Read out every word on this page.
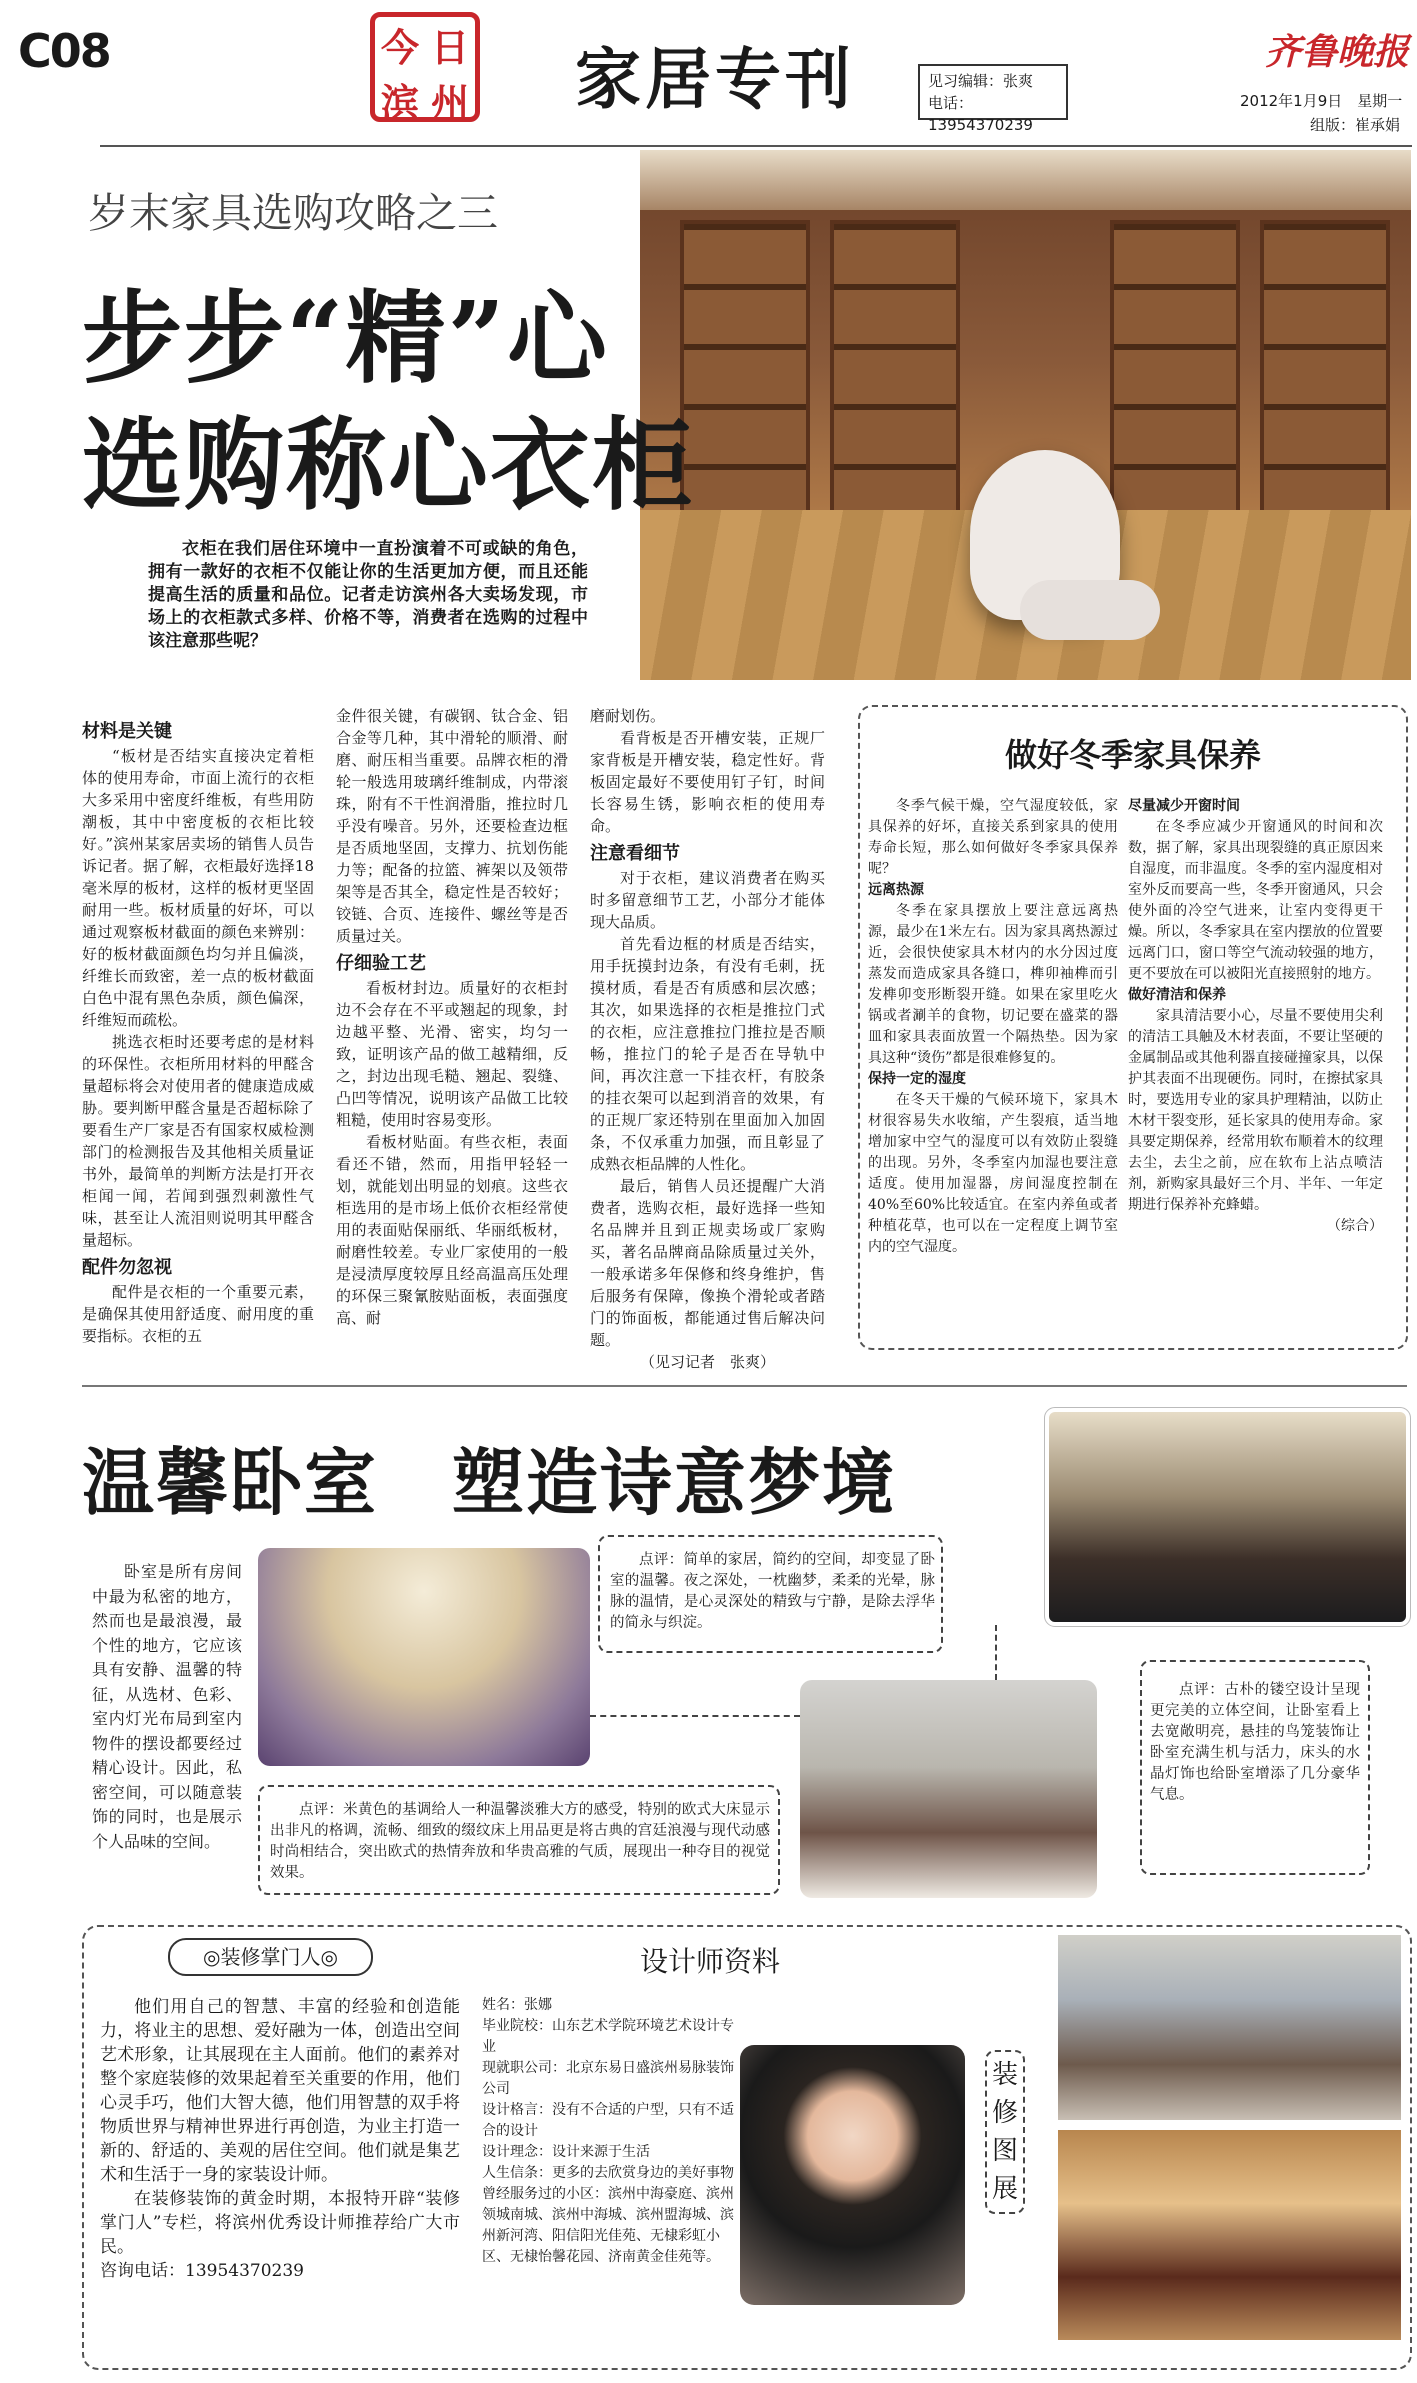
C08	今 日
滨 州 家居专刊	见习编辑：张爽
电话：13954370239
齐鲁晚报
2012年1月9日　星期一
组版：崔承娟
岁末家具选购攻略之三
步步“精”心
选购称心衣柜

衣柜在我们居住环境中一直扮演着不可或缺的角色，拥有一款好的衣柜不仅能让你的生活更加方便，而且还能提高生活的质量和品位。记者走访滨州各大卖场发现，市场上的衣柜款式多样、价格不等，消费者在选购的过程中该注意那些呢？

材料是关键

“板材是否结实直接决定着柜体的使用寿命，市面上流行的衣柜大多采用中密度纤维板，有些用防潮板，其中中密度板的衣柜比较好。”滨州某家居卖场的销售人员告诉记者。据了解，衣柜最好选择18毫米厚的板材，这样的板材更坚固耐用一些。板材质量的好坏，可以通过观察板材截面的颜色来辨别：好的板材截面颜色均匀并且偏淡，纤维长而致密，差一点的板材截面白色中混有黑色杂质，颜色偏深，纤维短而疏松。

挑选衣柜时还要考虑的是材料的环保性。衣柜所用材料的甲醛含量超标将会对使用者的健康造成威胁。要判断甲醛含量是否超标除了要看生产厂家是否有国家权威检测部门的检测报告及其他相关质量证书外，最简单的判断方法是打开衣柜闻一闻，若闻到强烈刺激性气味，甚至让人流泪则说明其甲醛含量超标。

配件勿忽视

配件是衣柜的一个重要元素，是确保其使用舒适度、耐用度的重要指标。衣柜的五

金件很关键，有碳钢、钛合金、铝合金等几种，其中滑轮的顺滑、耐磨、耐压相当重要。品牌衣柜的滑轮一般选用玻璃纤维制成，内带滚珠，附有不干性润滑脂，推拉时几乎没有噪音。另外，还要检查边框是否质地坚固，支撑力、抗划伤能力等；配备的拉篮、裤架以及领带架等是否其全，稳定性是否较好；铰链、合页、连接件、螺丝等是否质量过关。

仔细验工艺

看板材封边。质量好的衣柜封边不会存在不平或翘起的现象，封边越平整、光滑、密实，均匀一致，证明该产品的做工越精细，反之，封边出现毛糙、翘起、裂缝、凸凹等情况，说明该产品做工比较粗糙，使用时容易变形。

看板材贴面。有些衣柜，表面看还不错，然而，用指甲轻轻一划，就能划出明显的划痕。这些衣柜选用的是市场上低价衣柜经常使用的表面贴保丽纸、华丽纸板材，耐磨性较差。专业厂家使用的一般是浸渍厚度较厚且经高温高压处理的环保三聚氰胺贴面板，表面强度高、耐

磨耐划伤。

看背板是否开槽安装，正规厂家背板是开槽安装，稳定性好。背板固定最好不要使用钉子钉，时间长容易生锈，影响衣柜的使用寿命。

注意看细节

对于衣柜，建议消费者在购买时多留意细节工艺，小部分才能体现大品质。

首先看边框的材质是否结实，用手抚摸封边条，有没有毛刺，抚摸材质，看是否有质感和层次感；其次，如果选择的衣柜是推拉门式的衣柜，应注意推拉门推拉是否顺畅，推拉门的轮子是否在导轨中间，再次注意一下挂衣杆，有胶条的挂衣架可以起到消音的效果，有的正规厂家还特别在里面加入加固条，不仅承重力加强，而且彰显了成熟衣柜品牌的人性化。

最后，销售人员还提醒广大消费者，选购衣柜，最好选择一些知名品牌并且到正规卖场或厂家购买，著名品牌商品除质量过关外，一般承诺多年保修和终身维护，售后服务有保障，像换个滑轮或者踏门的饰面板，都能通过售后解决问题。

（见习记者　张爽）

做好冬季家具保养

冬季气候干燥，空气湿度较低，家具保养的好坏，直接关系到家具的使用寿命长短，那么如何做好冬季家具保养呢？

远离热源

冬季在家具摆放上要注意远离热源，最少在1米左右。因为家具离热源过近，会很快使家具木材内的水分因过度蒸发而造成家具各缝口，榫卯袖榫而引发榫卯变形断裂开缝。如果在家里吃火锅或者涮羊的食物，切记要在盛菜的器皿和家具表面放置一个隔热垫。因为家具这种“烫伤”都是很难修复的。

保持一定的湿度

在冬天干燥的气候环境下，家具木材很容易失水收缩，产生裂痕，适当地增加家中空气的湿度可以有效防止裂缝的出现。另外，冬季室内加湿也要注意适度。使用加湿器，房间湿度控制在40%至60%比较适宜。在室内养鱼或者种植花草，也可以在一定程度上调节室内的空气湿度。

尽量减少开窗时间

在冬季应减少开窗通风的时间和次数，据了解，家具出现裂缝的真正原因来自湿度，而非温度。冬季的室内湿度相对室外反而要高一些，冬季开窗通风，只会使外面的冷空气进来，让室内变得更干燥。所以，冬季家具在室内摆放的位置要远离门口，窗口等空气流动较强的地方，更不要放在可以被阳光直接照射的地方。

做好清洁和保养

家具清洁要小心，尽量不要使用尖利的清洁工具触及木材表面，不要让坚硬的金属制品或其他利器直接碰撞家具，以保护其表面不出现硬伤。同时，在擦拭家具时，要选用专业的家具护理精油，以防止木材干裂变形，延长家具的使用寿命。家具要定期保养，经常用软布顺着木的纹理去尘，去尘之前，应在软布上沾点喷洁剂，新购家具最好三个月、半年、一年定期进行保养补充蜂蜡。

（综合）

温馨卧室　塑造诗意梦境

卧室是所有房间中最为私密的地方，然而也是最浪漫，最个性的地方，它应该具有安静、温馨的特征，从选材、色彩、室内灯光布局到室内物件的摆设都要经过精心设计。因此，私密空间，可以随意装饰的同时，也是展示个人品味的空间。

点评：简单的家居，简约的空间，却变显了卧室的温馨。夜之深处，一枕幽梦，柔柔的光晕，脉脉的温情，是心灵深处的精致与宁静，是除去浮华的简永与织淀。

点评：米黄色的基调给人一种温馨淡雅大方的感受，特别的欧式大床显示出非凡的格调，流畅、细致的缀纹床上用品更是将古典的宫廷浪漫与现代动感时尚相结合，突出欧式的热情奔放和华贵高雅的气质，展现出一种夺目的视觉效果。

点评：古朴的镂空设计呈现更完美的立体空间，让卧室看上去宽敞明亮，悬挂的鸟笼装饰让卧室充满生机与活力，床头的水晶灯饰也给卧室增添了几分豪华气息。

◎装修掌门人◎	设计师资料

他们用自己的智慧、丰富的经验和创造能力，将业主的思想、爱好融为一体，创造出空间艺术形象，让其展现在主人面前。他们的素养对整个家庭装修的效果起着至关重要的作用，他们心灵手巧，他们大智大德，他们用智慧的双手将物质世界与精神世界进行再创造，为业主打造一新的、舒适的、美观的居住空间。他们就是集艺术和生活于一身的家装设计师。

在装修装饰的黄金时期，本报特开辟“装修掌门人”专栏，将滨州优秀设计师推荐给广大市民。

咨询电话：13954370239
姓名：张娜
毕业院校：山东艺术学院环境艺术设计专业
现就职公司：北京东易日盛滨州易脉装饰公司
设计格言：没有不合适的户型，只有不适合的设计
设计理念：设计来源于生活
人生信条：更多的去欣赏身边的美好事物
曾经服务过的小区：滨州中海豪庭、滨州领城南城、滨州中海城、滨州盟海城、滨州新河湾、阳信阳光佳苑、无棣彩虹小区、无棣怡馨花园、济南黄金佳苑等。
装修图展
